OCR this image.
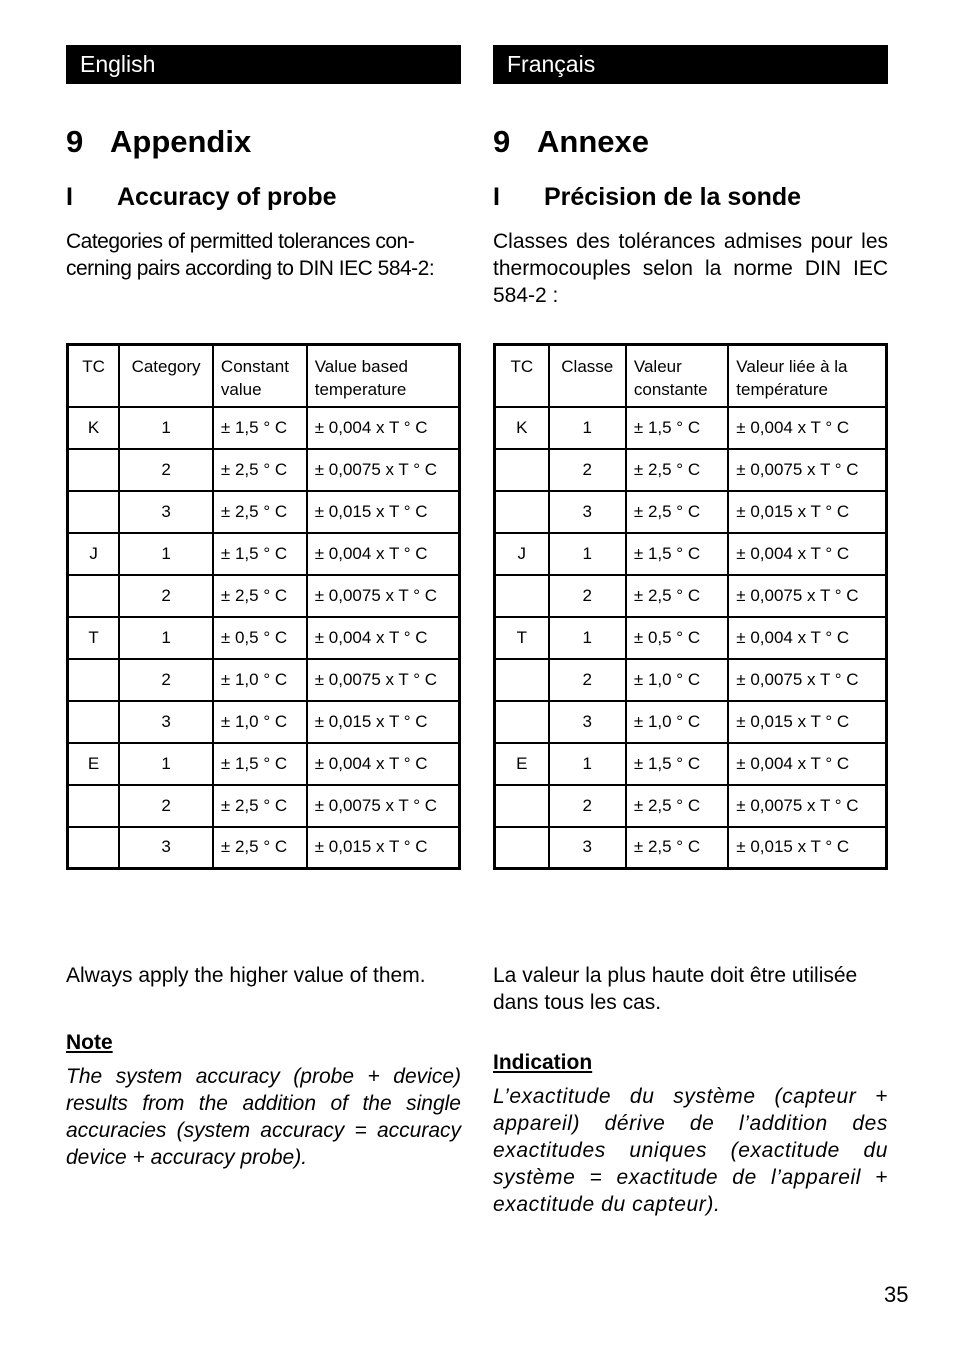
English
9 Appendix
I Accuracy of probe

Categories of permitted tolerances con-cerning pairs according to DIN IEC 584-2:

TC	Category	Constant value	Value based temperature
K	1	± 1,5 ° C	± 0,004 x T ° C
	2	± 2,5 ° C	± 0,0075 x T ° C
	3	± 2,5 ° C	± 0,015 x T ° C
J	1	± 1,5 ° C	± 0,004 x T ° C
	2	± 2,5 ° C	± 0,0075 x T ° C
T	1	± 0,5 ° C	± 0,004 x T ° C
	2	± 1,0 ° C	± 0,0075 x T ° C
	3	± 1,0 ° C	± 0,015 x T ° C
E	1	± 1,5 ° C	± 0,004 x T ° C
	2	± 2,5 ° C	± 0,0075 x T ° C
	3	± 2,5 ° C	± 0,015 x T ° C

Always apply the higher value of them.

Note

The system accuracy (probe + device) results from the addition of the single accuracies (system accuracy = accuracy device + accuracy probe).

Français
9 Annexe
I Précision de la sonde

Classes des tolérances admises pour les thermocouples selon la norme DIN IEC 584-2 :

TC	Classe	Valeur constante	Valeur liée à la température
K	1	± 1,5 ° C	± 0,004 x T ° C
	2	± 2,5 ° C	± 0,0075 x T ° C
	3	± 2,5 ° C	± 0,015 x T ° C
J	1	± 1,5 ° C	± 0,004 x T ° C
	2	± 2,5 ° C	± 0,0075 x T ° C
T	1	± 0,5 ° C	± 0,004 x T ° C
	2	± 1,0 ° C	± 0,0075 x T ° C
	3	± 1,0 ° C	± 0,015 x T ° C
E	1	± 1,5 ° C	± 0,004 x T ° C
	2	± 2,5 ° C	± 0,0075 x T ° C
	3	± 2,5 ° C	± 0,015 x T ° C

La valeur la plus haute doit être utilisée dans tous les cas.

Indication

L’exactitude du système (capteur + appareil) dérive de l’addition des exactitudes uniques (exactitude du système = exactitude de l’appareil + exactitude du capteur).

35
